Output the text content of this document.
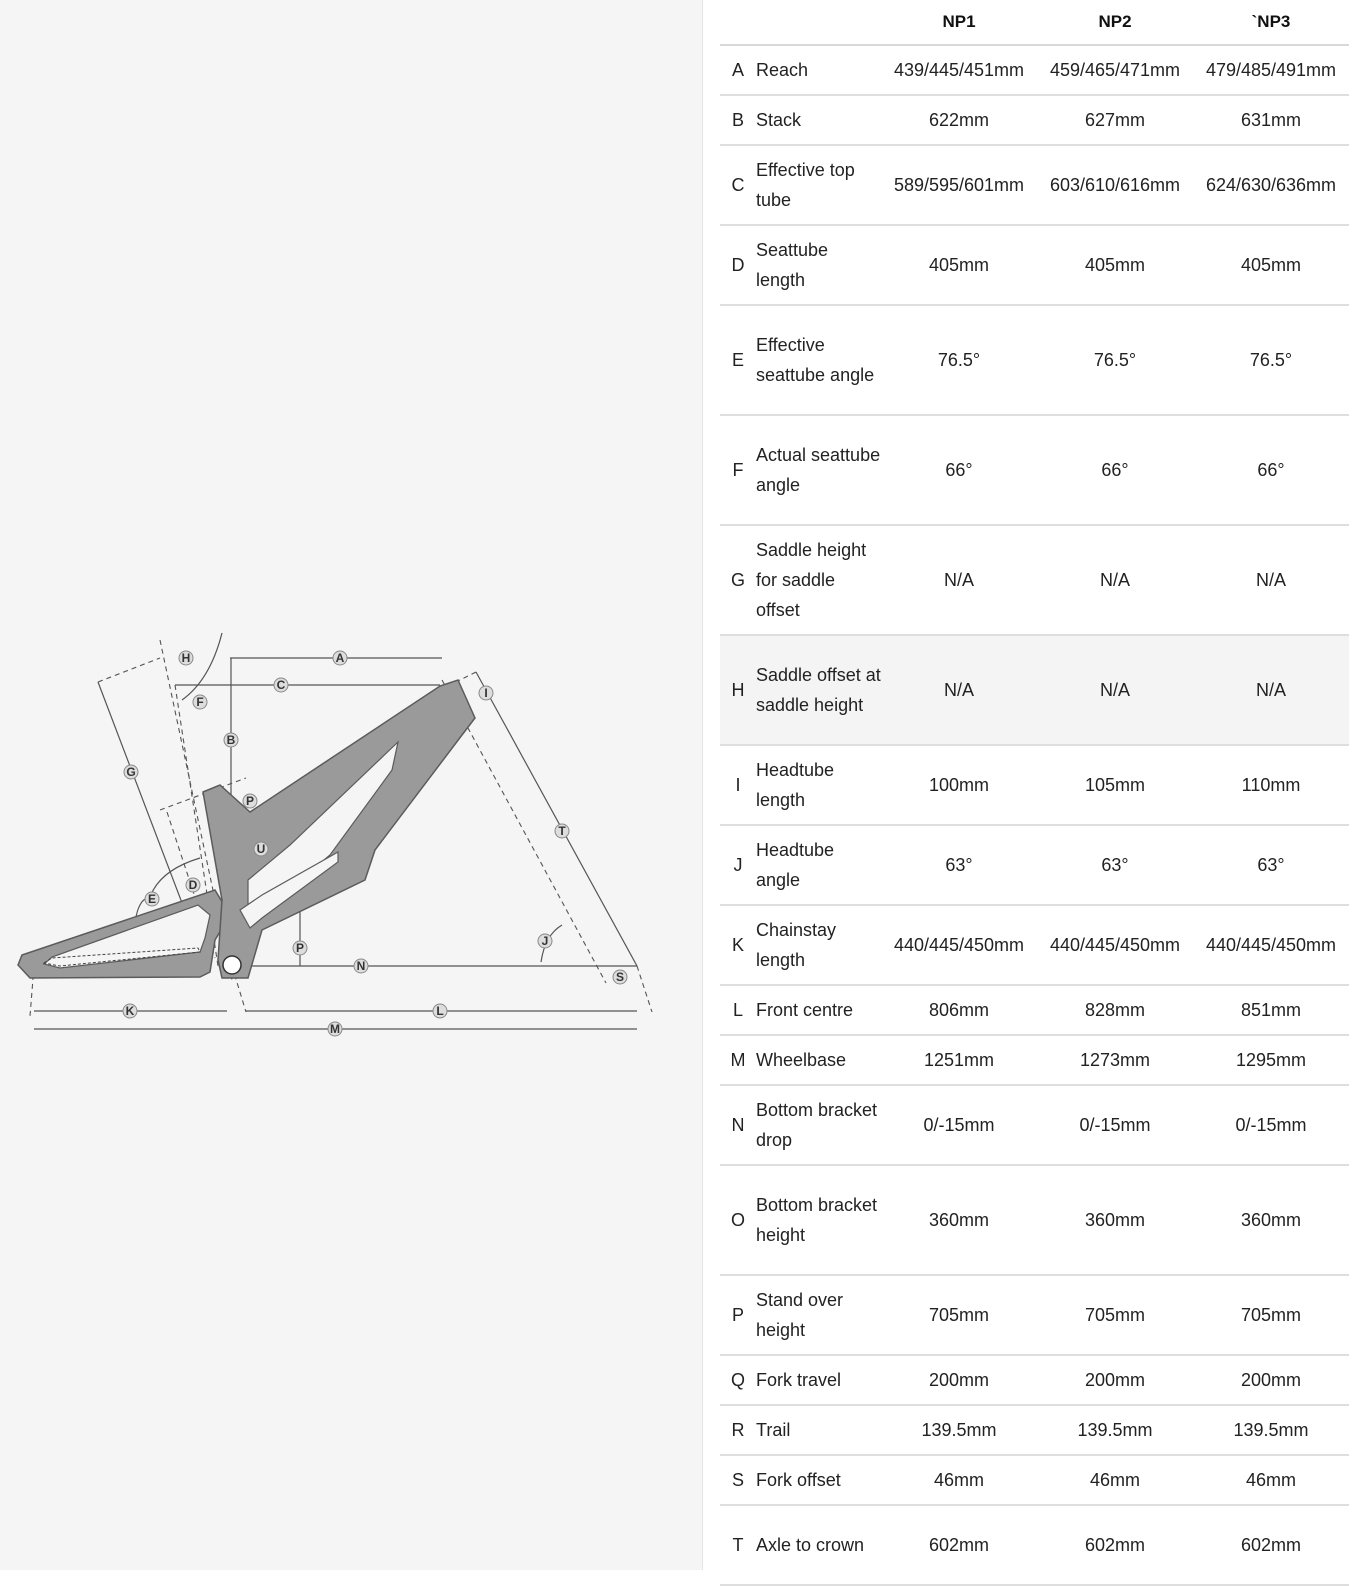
A
B
C
D
E
F
G
H
I
J
K	L
M
N
P
P
S
T
U
		NP1	NP2	`NP3
A	Reach	439/445/451mm	459/465/471mm	479/485/491mm
B	Stack	622mm	627mm	631mm
C	Effective top tube	589/595/601mm	603/610/616mm	624/630/636mm
D	Seattube length	405mm	405mm	405mm
E	Effective seattube angle	76.5°	76.5°	76.5°
F	Actual seattube angle	66°	66°	66°
G	Saddle height for saddle offset	N/A	N/A	N/A
H	Saddle offset at saddle height	N/A	N/A	N/A
I	Headtube length	100mm	105mm	110mm
J	Headtube angle	63°	63°	63°
K	Chainstay length	440/445/450mm	440/445/450mm	440/445/450mm
L	Front centre	806mm	828mm	851mm
M	Wheelbase	1251mm	1273mm	1295mm
N	Bottom bracket drop	0/-15mm	0/-15mm	0/-15mm
O	Bottom bracket height	360mm	360mm	360mm
P	Stand over height	705mm	705mm	705mm
Q	Fork travel	200mm	200mm	200mm
R	Trail	139.5mm	139.5mm	139.5mm
S	Fork offset	46mm	46mm	46mm
T	Axle to crown	602mm	602mm	602mm
